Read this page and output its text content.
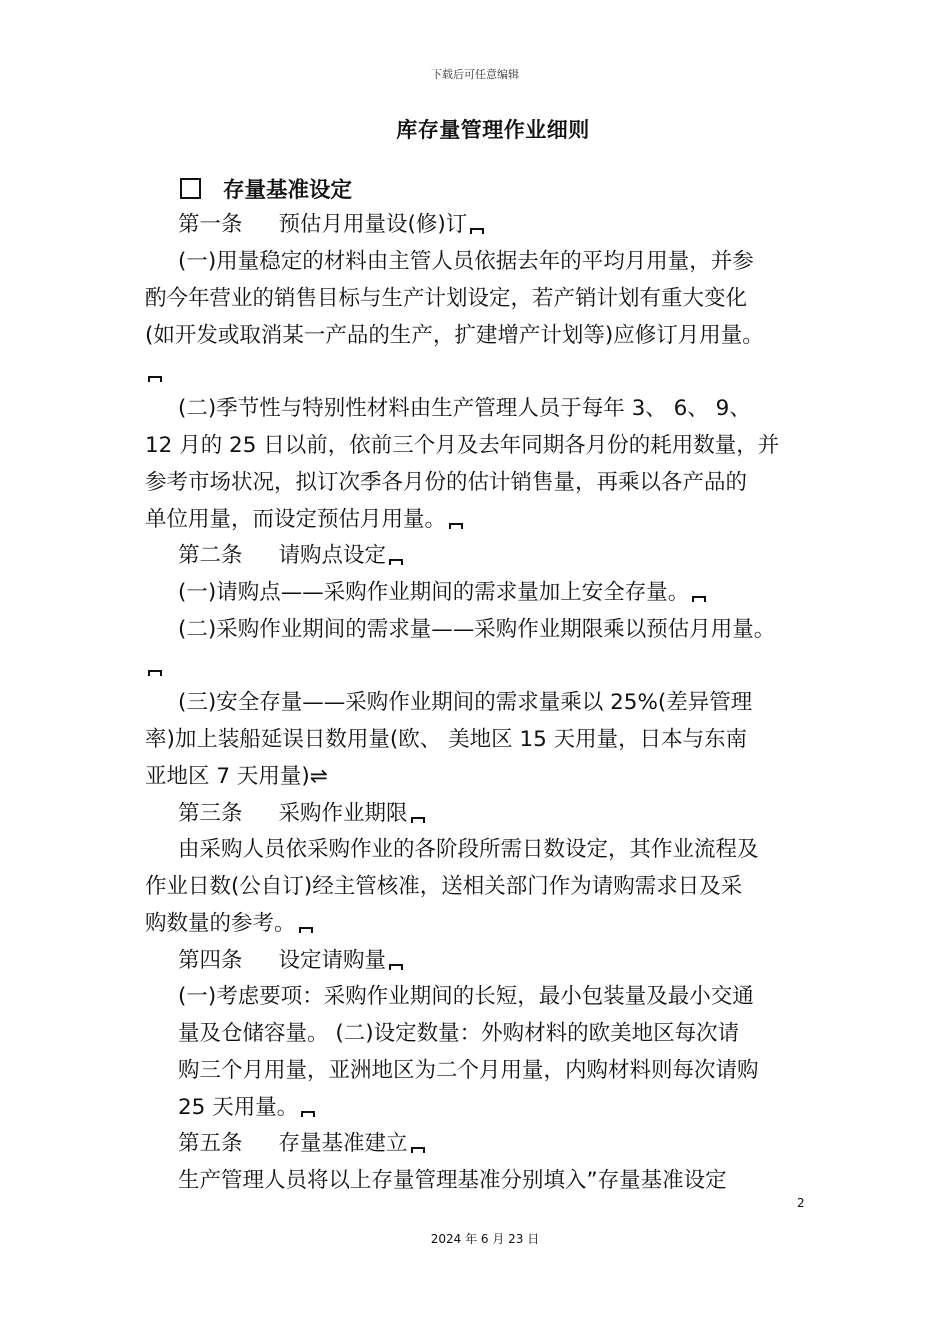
下载后可任意编辑
库存量管理作业细则
存量基准设定
第一条 预估月用量设(修)订
(一)用量稳定的材料由主管人员依据去年的平均月用量，并参
酌今年营业的销售目标与生产计划设定，若产销计划有重大变化
(如开发或取消某一产品的生产，扩建增产计划等)应修订月用量。
(二)季节性与特别性材料由生产管理人员于每年 3、 6、 9、
12 月的 25 日以前，依前三个月及去年同期各月份的耗用数量，并
参考市场状况，拟订次季各月份的估计销售量，再乘以各产品的
单位用量，而设定预估月用量。
第二条 请购点设定
(一)请购点——采购作业期间的需求量加上安全存量。
(二)采购作业期间的需求量——采购作业期限乘以预估月用量。
(三)安全存量——采购作业期间的需求量乘以 25%(差异管理
率)加上装船延误日数用量(欧、 美地区 15 天用量，日本与东南
亚地区 7 天用量)⇌
第三条 采购作业期限
由采购人员依采购作业的各阶段所需日数设定，其作业流程及
作业日数(公自订)经主管核准，送相关部门作为请购需求日及采
购数量的参考。
第四条 设定请购量
(一)考虑要项：采购作业期间的长短，最小包装量及最小交通
量及仓储容量。 (二)设定数量：外购材料的欧美地区每次请
购三个月用量，亚洲地区为二个月用量，内购材料则每次请购
25 天用量。
第五条 存量基准建立
生产管理人员将以上存量管理基准分别填入”存量基准设定
2
2024 年 6 月 23 日
